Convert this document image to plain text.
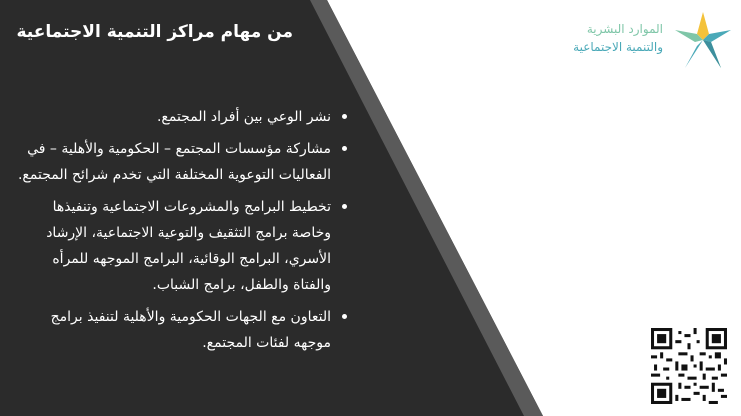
من مهام مراكز التنمية الاجتماعية
نشر الوعي بين أفراد المجتمع.
مشاركة مؤسسات المجتمع – الحكومية والأهلية – في الفعاليات التوعوية المختلفة التي تخدم شرائح المجتمع.
تخطيط البرامج والمشروعات الاجتماعية وتنفيذها وخاصة برامج التثقيف والتوعية الاجتماعية، الإرشاد الأسري، البرامج الوقائية، البرامج الموجهه للمرأه والفتاة والطفل، برامج الشباب.
التعاون مع الجهات الحكومية والأهلية لتنفيذ برامج موجهه لفئات المجتمع.
الموارد البشرية
والتنمية الاجتماعية
